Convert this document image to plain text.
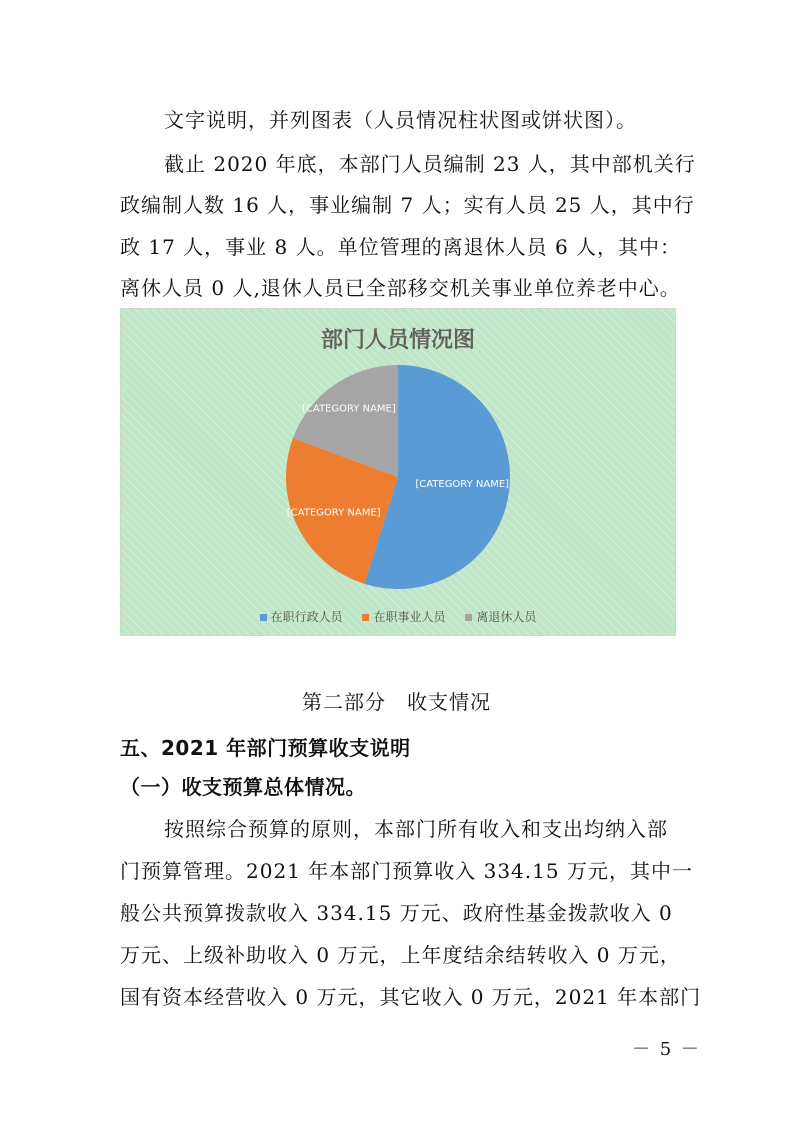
文字说明，并列图表（人员情况柱状图或饼状图）。
截止 2020 年底，本部门人员编制 23 人，其中部机关行
政编制人数 16 人，事业编制 7 人；实有人员 25 人，其中行
政 17 人，事业 8 人。单位管理的离退休人员 6 人，其中：
离休人员 0 人,退休人员已全部移交机关事业单位养老中心。
部门人员情况图
[CATEGORY NAME]
[CATEGORY NAME]
[CATEGORY NAME]
在职行政人员	在职事业人员	离退休人员
第二部分　收支情况
五、2021 年部门预算收支说明
（一）收支预算总体情况。
按照综合预算的原则，本部门所有收入和支出均纳入部
门预算管理。2021 年本部门预算收入 334.15 万元，其中一
般公共预算拨款收入 334.15 万元、政府性基金拨款收入 0
万元、上级补助收入 0 万元，上年度结余结转收入 0 万元，
国有资本经营收入 0 万元，其它收入 0 万元，2021 年本部门
－ 5 －
